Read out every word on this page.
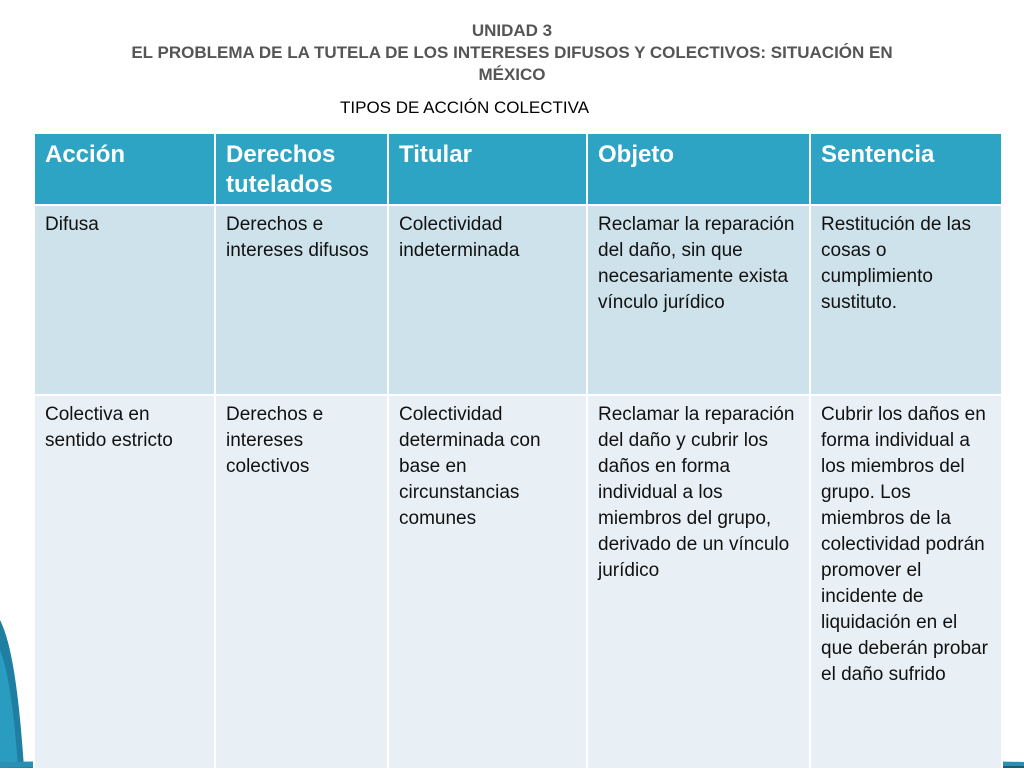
UNIDAD 3
EL PROBLEMA DE LA TUTELA DE LOS INTERESES DIFUSOS Y COLECTIVOS: SITUACIÓN EN
MÉXICO
TIPOS DE ACCIÓN COLECTIVA
Acción	Derechos tutelados	Titular	Objeto	Sentencia
Difusa	Derechos e intereses difusos	Colectividad indeterminada	Reclamar la reparación del daño, sin que necesariamente exista vínculo jurídico	Restitución de las cosas o cumplimiento sustituto.
Colectiva en sentido estricto	Derechos e intereses colectivos	Colectividad determinada con base en circunstancias comunes	Reclamar la reparación del daño y cubrir los daños en forma individual a los miembros del grupo, derivado de un vínculo jurídico	Cubrir los daños en forma individual a los miembros del grupo. Los miembros de la colectividad podrán promover el incidente de liquidación en el que deberán probar el daño sufrido
